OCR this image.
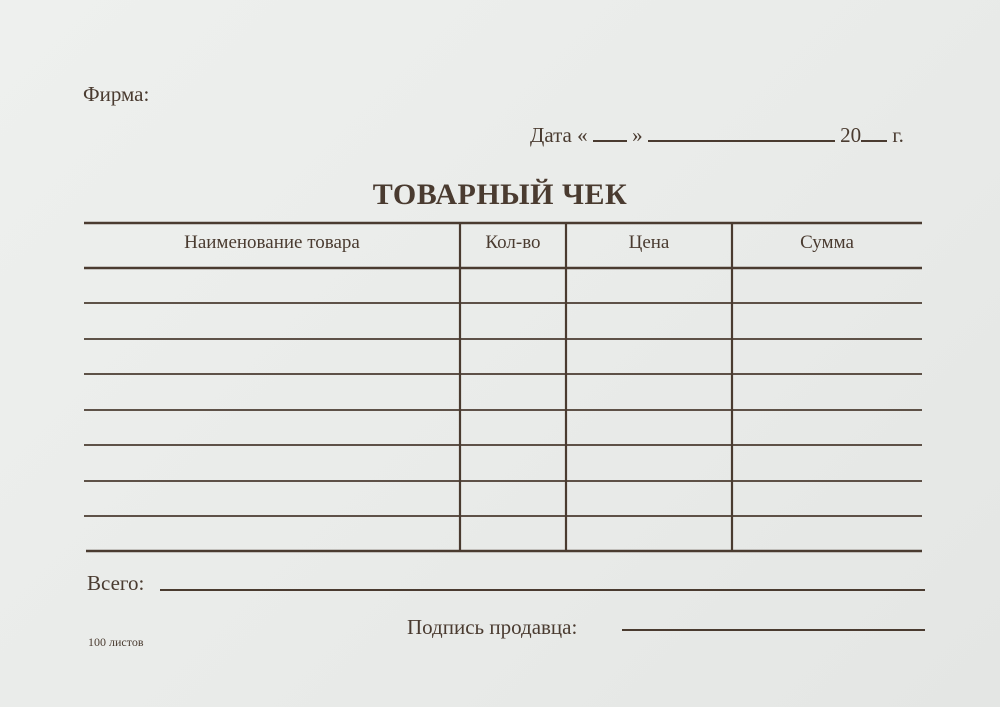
Фирма:
Дата « »	20 г.
ТОВАРНЫЙ ЧЕК
Наименование товара	Кол-во	Цена	Сумма
Всего:
100 листов
Подпись продавца:
